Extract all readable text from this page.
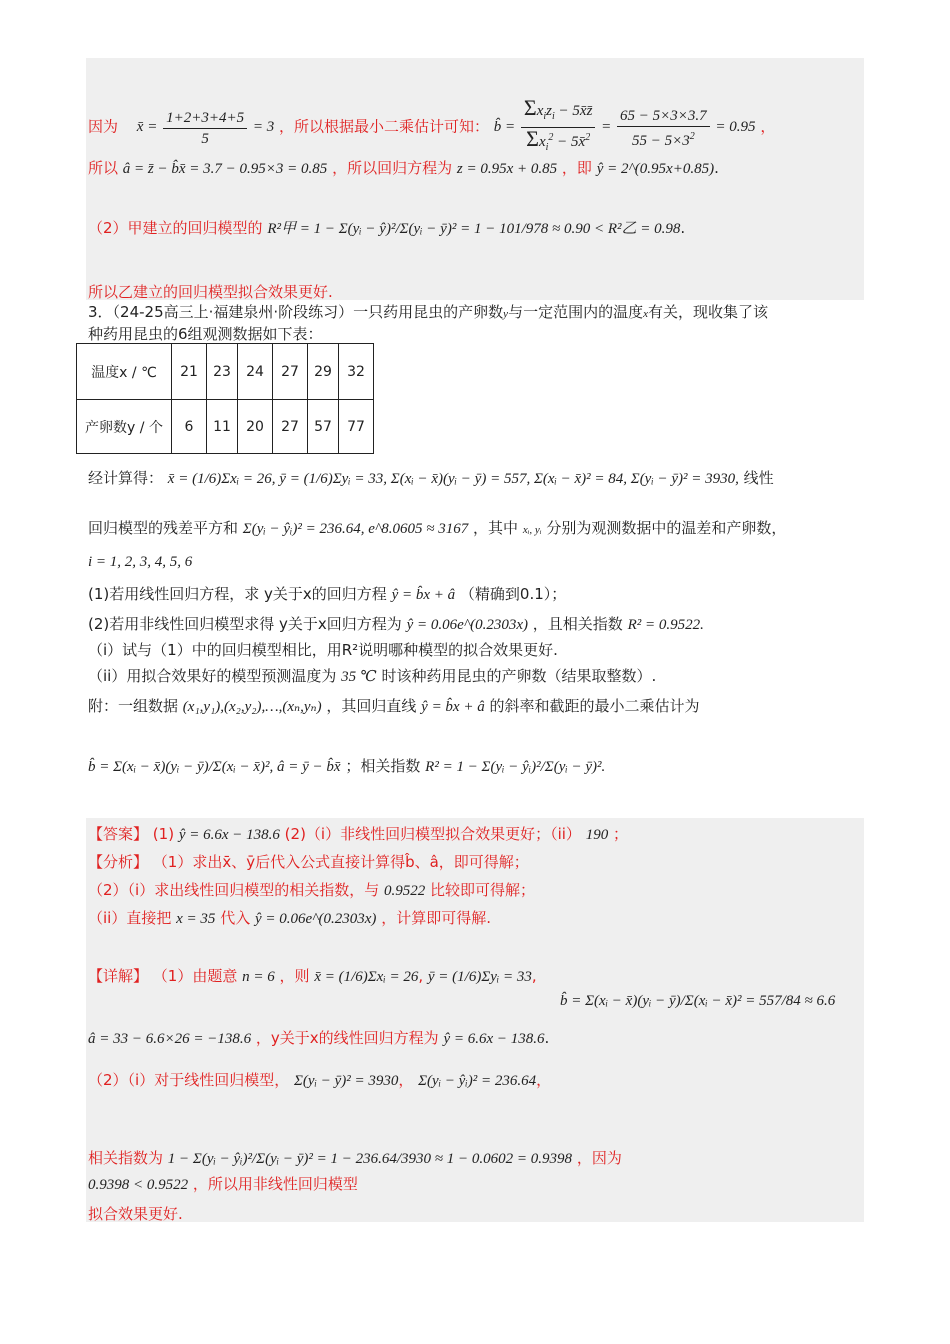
因为 x̄ = $\frac{1+2+3+4+5}{5} = 3$ ，所以根据最小二乘估计可知： b̂ = $\frac{\Sigma x_iz_i - 5x̄z̄}{\Sigma x_i^2 - 5x̄^2} = \frac{65 - 5\times 3\times 3.7}{55 - 5\times 3^2} = 0.95$ ，
所以 â = z̄ − b̂x̄ = 3.7 − 0.95×3 = 0.85 ，所以回归方程为 z = 0.95x + 0.85 ，即 ŷ = 2^(0.95x+0.85).
（2）甲建立的回归模型的 R²甲 = 1 − Σ(yᵢ − ŷ)²/Σ(yᵢ − ȳ)² = 1 − 101/978 ≈ 0.90 < R²乙 = 0.98.
所以乙建立的回归模型拟合效果更好.
3．（24-25高三上·福建泉州·阶段练习）一只药用昆虫的产卵数y与一定范围内的温度x有关，现收集了该
种药用昆虫的6组观测数据如下表：
温度x / ℃	21	23	24	27	29	32
产卵数y / 个	6	11	20	27	57	77
经计算得： x̄ = (1/6)Σxᵢ = 26, ȳ = (1/6)Σyᵢ = 33, Σ(xᵢ − x̄)(yᵢ − ȳ) = 557, Σ(xᵢ − x̄)² = 84, Σ(yᵢ − ȳ)² = 3930, 线性
回归模型的残差平方和 Σ(yᵢ − ŷᵢ)² = 236.64, e^8.0605 ≈ 3167 ，其中 xᵢ, yᵢ 分别为观测数据中的温差和产卵数，
i = 1, 2, 3, 4, 5, 6
(1)若用线性回归方程，求 y关于x的回归方程 ŷ = b̂x + â （精确到0.1）；
(2)若用非线性回归模型求得 y关于x回归方程为 ŷ = 0.06e^(0.2303x) ，且相关指数 R² = 0.9522.
（i）试与（1）中的回归模型相比，用R²说明哪种模型的拟合效果更好.
（ii）用拟合效果好的模型预测温度为 35 ℃ 时该种药用昆虫的产卵数（结果取整数）.
附：一组数据 (x₁,y₁),(x₂,y₂),…,(xₙ,yₙ) ，其回归直线 ŷ = b̂x + â 的斜率和截距的最小二乘估计为
b̂ = Σ(xᵢ − x̄)(yᵢ − ȳ)/Σ(xᵢ − x̄)², â = ȳ − b̂x̄ ；相关指数 R² = 1 − Σ(yᵢ − ŷᵢ)²/Σ(yᵢ − ȳ)².
【答案】 (1) ŷ = 6.6x − 138.6 (2)（i）非线性回归模型拟合效果更好；（ii） 190 ；
【分析】 （1）求出x̄、ȳ后代入公式直接计算得b̂、â，即可得解；
（2）（i）求出线性回归模型的相关指数，与 0.9522 比较即可得解；
（ii）直接把 x = 35 代入 ŷ = 0.06e^(0.2303x) ，计算即可得解.
【详解】 （1）由题意 n = 6 ，则 x̄ = (1/6)Σxᵢ = 26, ȳ = (1/6)Σyᵢ = 33,
b̂ = Σ(xᵢ − x̄)(yᵢ − ȳ)/Σ(xᵢ − x̄)² = 557/84 ≈ 6.6
â = 33 − 6.6×26 = −138.6 ，y关于x的线性回归方程为 ŷ = 6.6x − 138.6.
（2）（i）对于线性回归模型， Σ(yᵢ − ȳ)² = 3930， Σ(yᵢ − ŷᵢ)² = 236.64，
相关指数为 1 − Σ(yᵢ − ŷᵢ)²/Σ(yᵢ − ȳ)² = 1 − 236.64/3930 ≈ 1 − 0.0602 = 0.9398 ，因为
0.9398 < 0.9522 ，所以用非线性回归模型
拟合效果更好.
